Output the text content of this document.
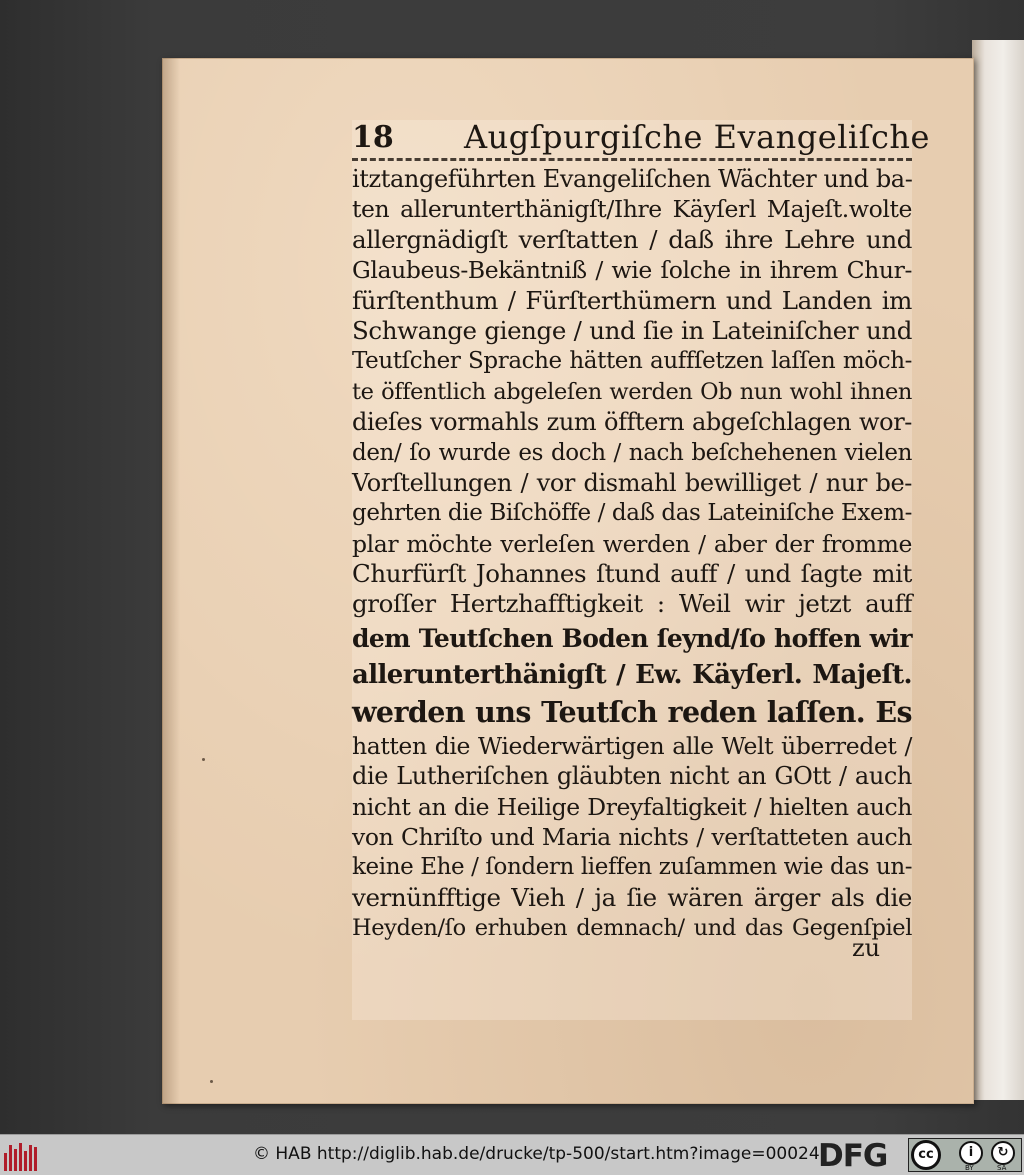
18 Augſpurgiſche Evangeliſche
itztangeführten Evangeliſchen Wächter und ba-
ten allerunterthänigſt/Ihre Käyſerl Majeſt.wolte
allergnädigſt verſtatten / daß ihre Lehre und
Glaubeus-Bekäntniß / wie ſolche in ihrem Chur-
fürſtenthum / Fürſterthümern und Landen im
Schwange gienge / und ſie in Lateiniſcher und
Teutſcher Sprache hätten auffſetzen laſſen möch-
te öffentlich abgeleſen werden Ob nun wohl ihnen
dieſes vormahls zum öfftern abgeſchlagen wor-
den/ ſo wurde es doch / nach beſchehenen vielen
Vorſtellungen / vor dismahl bewilliget / nur be-
gehrten die Biſchöffe / daß das Lateiniſche Exem-
plar möchte verleſen werden / aber der fromme
Churfürſt Johannes ſtund auff / und ſagte mit
groſſer Hertzhafftigkeit : Weil wir jetzt auff
dem Teutſchen Boden ſeynd/ſo hoffen wir
allerunterthänigſt / Ew. Käyſerl. Majeſt.
werden uns Teutſch reden laſſen. Es
hatten die Wiederwärtigen alle Welt überredet /
die Lutheriſchen gläubten nicht an GOtt / auch
nicht an die Heilige Dreyfaltigkeit / hielten auch
von Chriſto und Maria nichts / verſtatteten auch
keine Ehe / ſondern lieffen zuſammen wie das un-
vernünfftige Vieh / ja ſie wären ärger als die
Heyden/ſo erhuben demnach/ und das Gegenſpiel
zu
© HAB http://diglib.hab.de/drucke/tp-500/start.htm?image=00024
DFG	cc	i	↻
BY	SA
